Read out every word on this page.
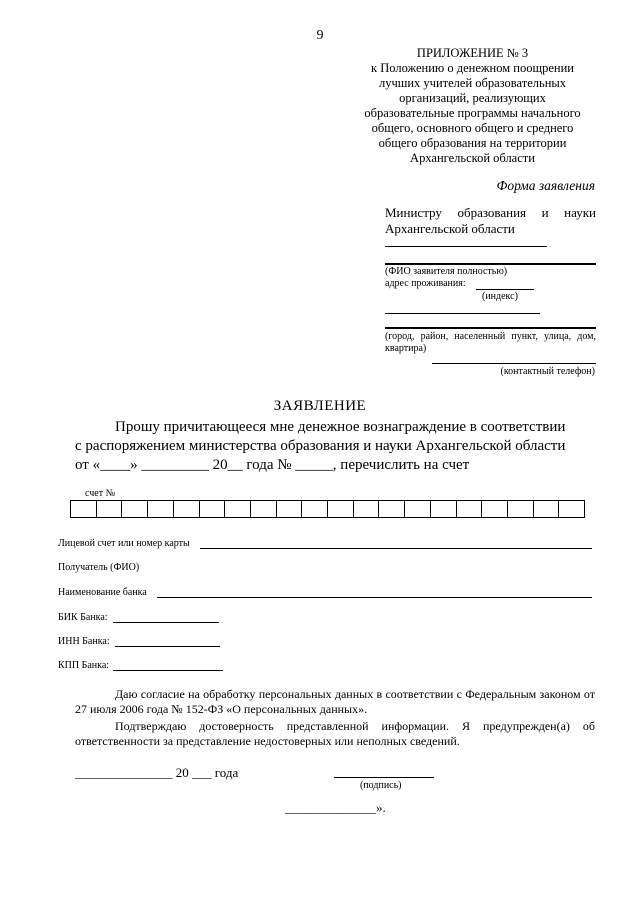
9
ПРИЛОЖЕНИЕ № 3
к Положению о денежном поощрении
лучших учителей образовательных
организаций, реализующих
образовательные программы начального
общего, основного общего и среднего
общего образования на территории
Архангельской области
Форма заявления
Министру образования и науки Архангельской области
(ФИО заявителя полностью)
адрес проживания:
(индекс)
(город, район, населенный пункт, улица, дом, квартира)
(контактный телефон)
ЗАЯВЛЕНИЕ
Прошу причитающееся мне денежное вознаграждение в соответствии
с распоряжением министерства образования и науки Архангельской области
от «____» _________ 20__ года № _____, перечислить на счет
счет №
Лицевой счет или номер карты
Получатель (ФИО)
Наименование банка
БИК Банка:
ИНН Банка:
КПП Банка:
Даю согласие на обработку персональных данных в соответствии с Федеральным законом от 27 июля 2006 года № 152-ФЗ «О персональных данных».
Подтверждаю достоверность представленной информации. Я предупрежден(а) об ответственности за представление недостоверных или неполных сведений.
_______________ 20 ___ года
(подпись)
______________».
